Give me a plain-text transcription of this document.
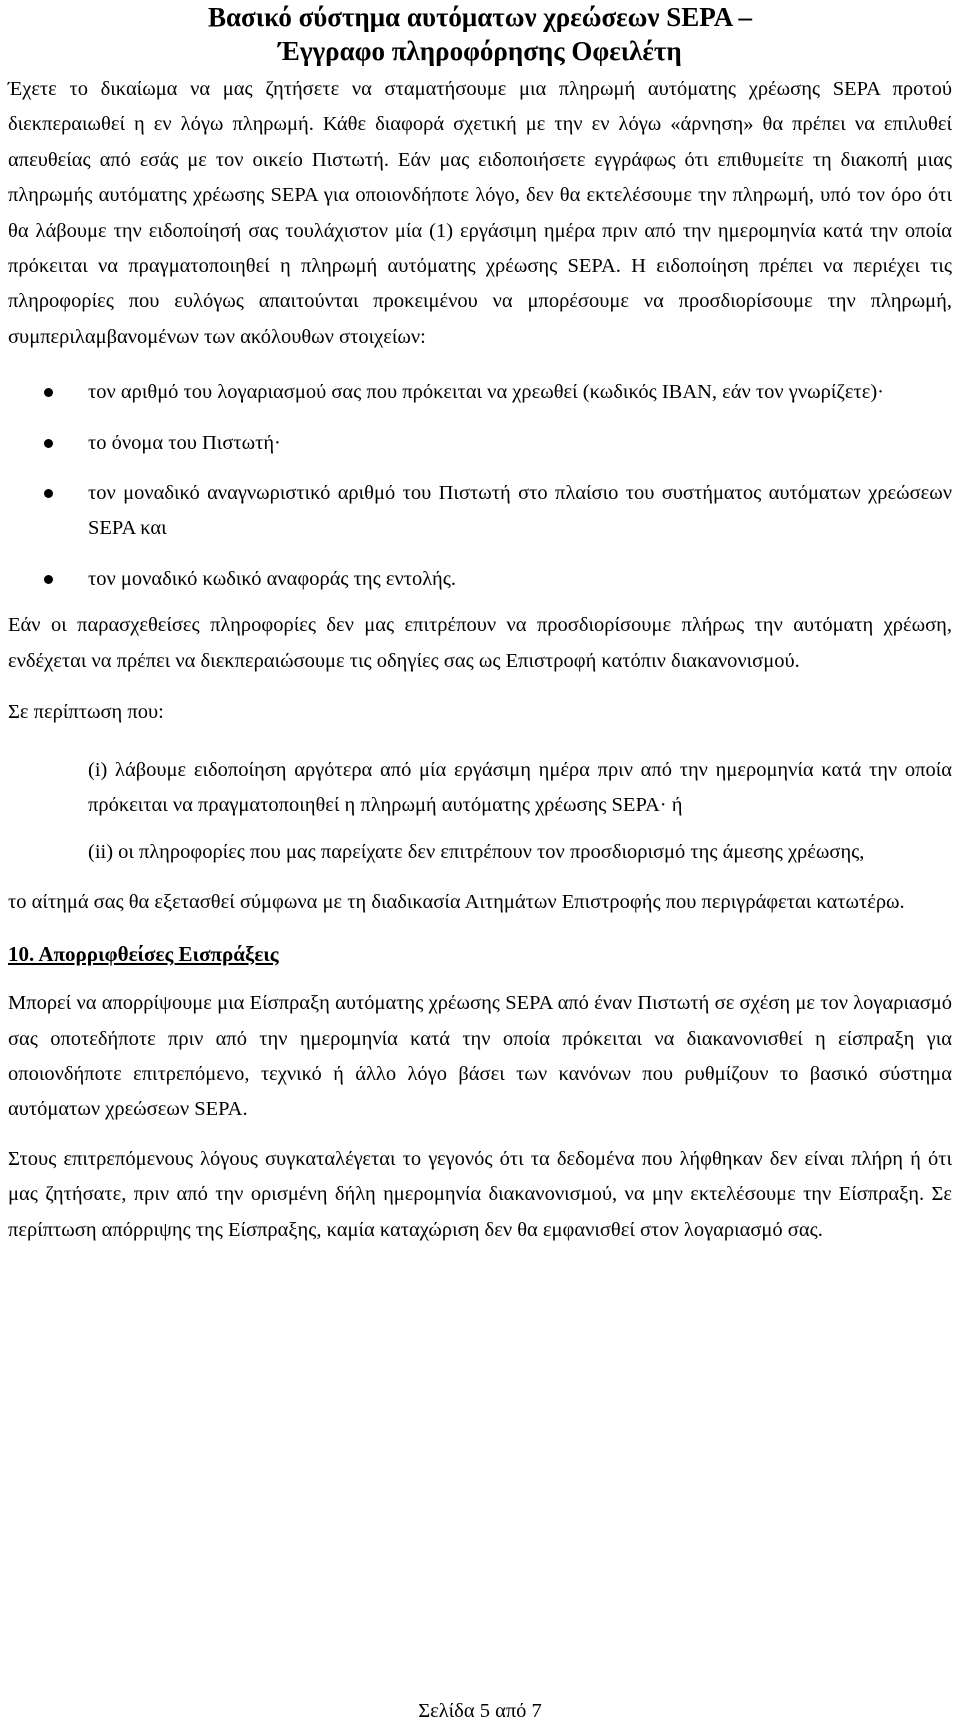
Βασικό σύστημα αυτόματων χρεώσεων SEPA –
Έγγραφο πληροφόρησης Οφειλέτη

Έχετε το δικαίωμα να μας ζητήσετε να σταματήσουμε μια πληρωμή αυτόματης χρέωσης SEPA προτού διεκπεραιωθεί η εν λόγω πληρωμή. Κάθε διαφορά σχετική με την εν λόγω «άρνηση» θα πρέπει να επιλυθεί απευθείας από εσάς με τον οικείο Πιστωτή. Εάν μας ειδοποιήσετε εγγράφως ότι επιθυμείτε τη διακοπή μιας πληρωμής αυτόματης χρέωσης SEPA για οποιονδήποτε λόγο, δεν θα εκτελέσουμε την πληρωμή, υπό τον όρο ότι θα λάβουμε την ειδοποίησή σας τουλάχιστον μία (1) εργάσιμη ημέρα πριν από την ημερομηνία κατά την οποία πρόκειται να πραγματοποιηθεί η πληρωμή αυτόματης χρέωσης SEPA. Η ειδοποίηση πρέπει να περιέχει τις πληροφορίες που ευλόγως απαιτούνται προκειμένου να μπορέσουμε να προσδιορίσουμε την πληρωμή, συμπεριλαμβανομένων των ακόλουθων στοιχείων:

τον αριθμό του λογαριασμού σας που πρόκειται να χρεωθεί (κωδικός IBAN, εάν τον γνωρίζετε)·
το όνομα του Πιστωτή·
τον μοναδικό αναγνωριστικό αριθμό του Πιστωτή στο πλαίσιο του συστήματος αυτόματων χρεώσεων SEPA και
τον μοναδικό κωδικό αναφοράς της εντολής.

Εάν οι παρασχεθείσες πληροφορίες δεν μας επιτρέπουν να προσδιορίσουμε πλήρως την αυτόματη χρέωση, ενδέχεται να πρέπει να διεκπεραιώσουμε τις οδηγίες σας ως Επιστροφή κατόπιν διακανονισμού.

Σε περίπτωση που:

(i) λάβουμε ειδοποίηση αργότερα από μία εργάσιμη ημέρα πριν από την ημερομηνία κατά την οποία πρόκειται να πραγματοποιηθεί η πληρωμή αυτόματης χρέωσης SEPA· ή

(ii) οι πληροφορίες που μας παρείχατε δεν επιτρέπουν τον προσδιορισμό της άμεσης χρέωσης,

το αίτημά σας θα εξετασθεί σύμφωνα με τη διαδικασία Αιτημάτων Επιστροφής που περιγράφεται κατωτέρω.

10. Απορριφθείσες Εισπράξεις

Μπορεί να απορρίψουμε μια Είσπραξη αυτόματης χρέωσης SEPA από έναν Πιστωτή σε σχέση με τον λογαριασμό σας οποτεδήποτε πριν από την ημερομηνία κατά την οποία πρόκειται να διακανονισθεί η είσπραξη για οποιονδήποτε επιτρεπόμενο, τεχνικό ή άλλο λόγο βάσει των κανόνων που ρυθμίζουν το βασικό σύστημα αυτόματων χρεώσεων SEPA.

Στους επιτρεπόμενους λόγους συγκαταλέγεται το γεγονός ότι τα δεδομένα που λήφθηκαν δεν είναι πλήρη ή ότι μας ζητήσατε, πριν από την ορισμένη δήλη ημερομηνία διακανονισμού, να μην εκτελέσουμε την Είσπραξη. Σε περίπτωση απόρριψης της Είσπραξης, καμία καταχώριση δεν θα εμφανισθεί στον λογαριασμό σας.

Σελίδα 5 από 7
